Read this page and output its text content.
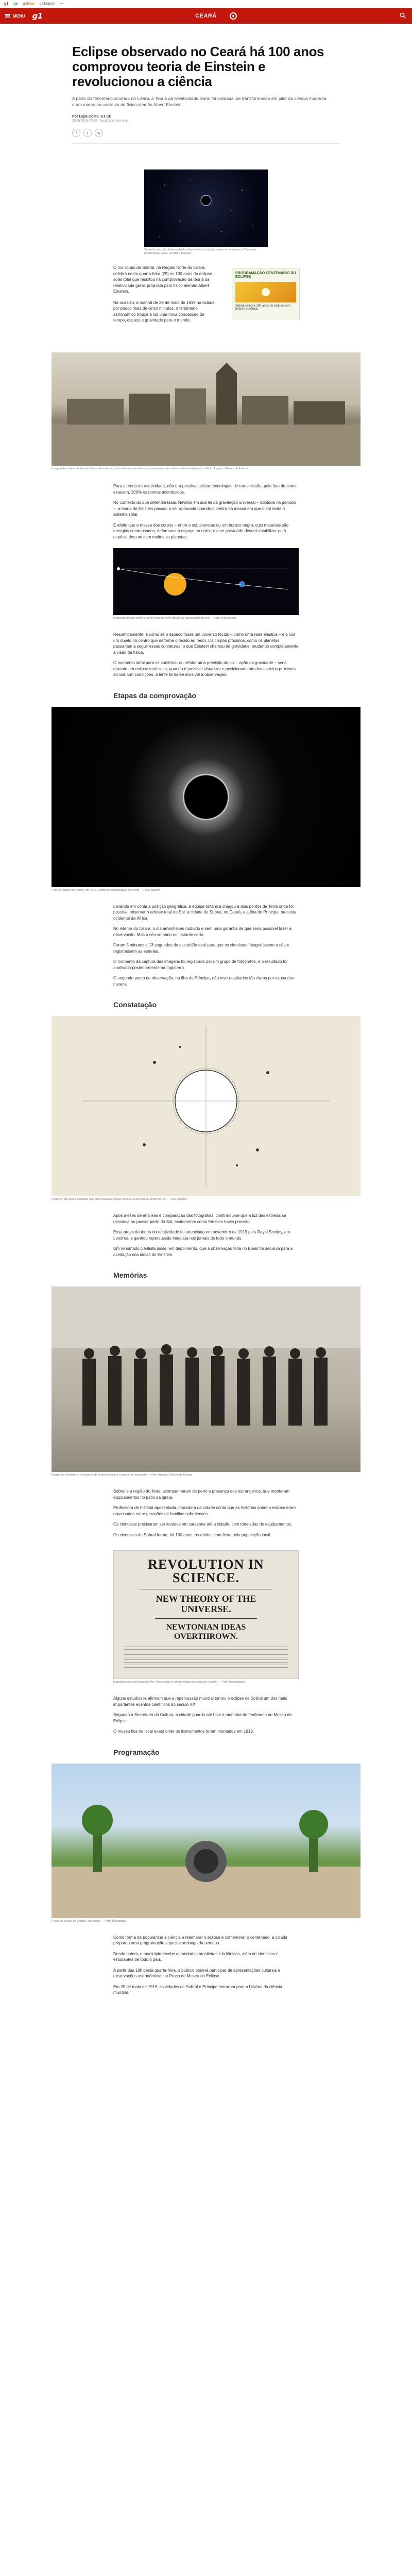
g1 ge gshow globoplay •••
MENU g1	CEARÁ
Eclipse observado no Ceará há 100 anos comprovou teoria de Einstein e revolucionou a ciência

A partir do fenômeno ocorrido no Ceará, a Teoria da Relatividade Geral foi validada, se transformando em pilar da ciência moderna e um marco no currículo do físico alemão Albert Einstein.

Por Lígia Costa, G1 CE

29/05/2019 07h00 · Atualizado há 5 anos

f	t	w

Sobral é palco da observação do eclipse total do sol que ajudou a comprovar a Teoria da Relatividade Geral, de Albert Einstein.

O município de Sobral, na Região Norte do Ceará, celebra nesta quarta-feira (29) os 100 anos do eclipse solar total que resultou na comprovação da teoria da relatividade geral, proposta pelo físico alemão Albert Einstein.

Na ocasião, a manhã de 29 de maio de 1919 na cidade, por pouco mais de cinco minutos, o fenômeno astronômico trouxe à luz uma nova concepção de tempo, espaço e gravidade para o mundo.

PROGRAMAÇÃO CENTENÁRIO DO ECLIPSE

Sobral celebra 100 anos do eclipse com festival e ciência

Imagem da cidade de Sobral à época do eclipse; no local foram montados os instrumentos de observação do fenômeno — Foto: Arquivo / Museu do Eclipse

Para a teoria da relatividade, não era possível utilizar tecnologias de transmissão, pelo fato de como estavam, 100% os pontos acontecidos.

No contexto do que defendia Isaac Newton em sua lei da gravitação universal – adotada na período –, a teoria de Einstein passou a ser aprovada quando o centro da massa em que o sol visita o sistema solar.

É afeito que o massa dos corpos – entre o sol, planetas ou um buraco negro, cujo materiais são energias condensadas, deformava o espaço ao redor, e este gravidade deverá estabilizar no à espécie dos um com muitos os planetas.

Ilustração mostra como a luz de estrelas sofre desvio ao passar perto do Sol — Foto: Reprodução

Resumidamente, é como se o espaço fosse um universo tecido – como uma rede elástica – e o Sol um objeto no centro que deforma o tecido ao redor. Os corpos próximos, como os planetas, passariam a seguir essas curvaturas, o que Einstein chamou de gravidade, mudando completamente a visão da física.

O momento ideal para se confirmar ou refutar uma previsão da luz – ação da gravidade – seria durante um eclipse total solar, quando é possível visualizar o posicionamento das estrelas próximas ao Sol. Em condições, a lente torna-se invisível à observação.

Etapas da comprovação

Foto do eclipse de Sobral, em 1919, usada na comprovação da teoria — Foto: Arquivo

Levando em conta a posição geográfica, a equipe britânica chegou a dois pontos da Terra onde foi possível observar o eclipse total do Sol: a cidade de Sobral, no Ceará, e a Ilha do Príncipe, na costa ocidental da África.

No interior do Ceará, o dia amanheceu nublado e sem uma garantia de que seria possível fazer a observação. Mas o céu se abriu no instante certo.

Foram 5 minutos e 13 segundos de escuridão total para que os cientistas fotografassem o céu e registrassem as estrelas.

O momento da captura das imagens foi registrado por um grupo de fotógrafos, e o resultado foi analisado posteriormente na Inglaterra.

O segundo ponto de observação, na Ilha do Príncipe, não teve resultados tão claros por causa das nuvens.

Constatação

Registro feito pelos cientistas que observaram o eclipse mostra as estrelas ao redor do Sol — Foto: Arquivo

Após meses de análises e comparação das fotografias, confirmou-se que a luz das estrelas se desviava ao passar perto do Sol, exatamente como Einstein havia previsto.

Essa prova da teoria da relatividade foi anunciada em novembro de 1919 pela Royal Society, em Londres, e ganhou repercussão imediata nos jornais de todo o mundo.

Um renomado cientista disse, em depoimento, que a observação feita no Brasil foi decisiva para a aceitação das ideias de Einstein.

Memórias

Equipe de cientistas e moradores de Sobral reunidos à época da expedição — Foto: Arquivo / Museu do Eclipse

Sobral e a região do litoral acompanharam de perto a presença dos estrangeiros, que montaram equipamentos no pátio da igreja.

Professora de história aposentada, moradora da cidade conta que as histórias sobre o eclipse eram repassadas entre gerações de famílias sobralenses.

Os cientistas precisaram ser levados em caravana até a cidade, com toneladas de equipamentos.

Os cientistas de Sobral foram, há 100 anos, recebidos com festa pela população local.

REVOLUTION IN

SCIENCE.

NEW THEORY OF THE

UNIVERSE.

NEWTONIAN IDEAS

OVERTHROWN.

Manchete do jornal britânico The Times sobre a comprovação da teoria de Einstein — Foto: Reprodução

Alguns estudiosos afirmam que a repercussão mundial tornou o eclipse de Sobral um dos mais importantes eventos científicos do século XX.

Segundo a Secretaria da Cultura, a cidade guarda até hoje a memória do fenômeno no Museu do Eclipse.

O museu fica no local exato onde os instrumentos foram montados em 1919.

Programação

Praça do Museu do Eclipse, em Sobral — Foto: Divulgação

Como forma de popularizar a ciência e relembrar o eclipse e comemorar o centenário, a cidade preparou uma programação especial ao longo da semana.

Desde ontem, o município recebe autoridades brasileiras e britânicas, além de cientistas e estudantes de todo o país.

A partir das 18h desta quarta-feira, o público poderá participar de apresentações culturais e observações astronômicas na Praça do Museu do Eclipse.

Em 29 de maio de 1919, as cidades de Sobral e Príncipe entraram para a história da ciência mundial.
